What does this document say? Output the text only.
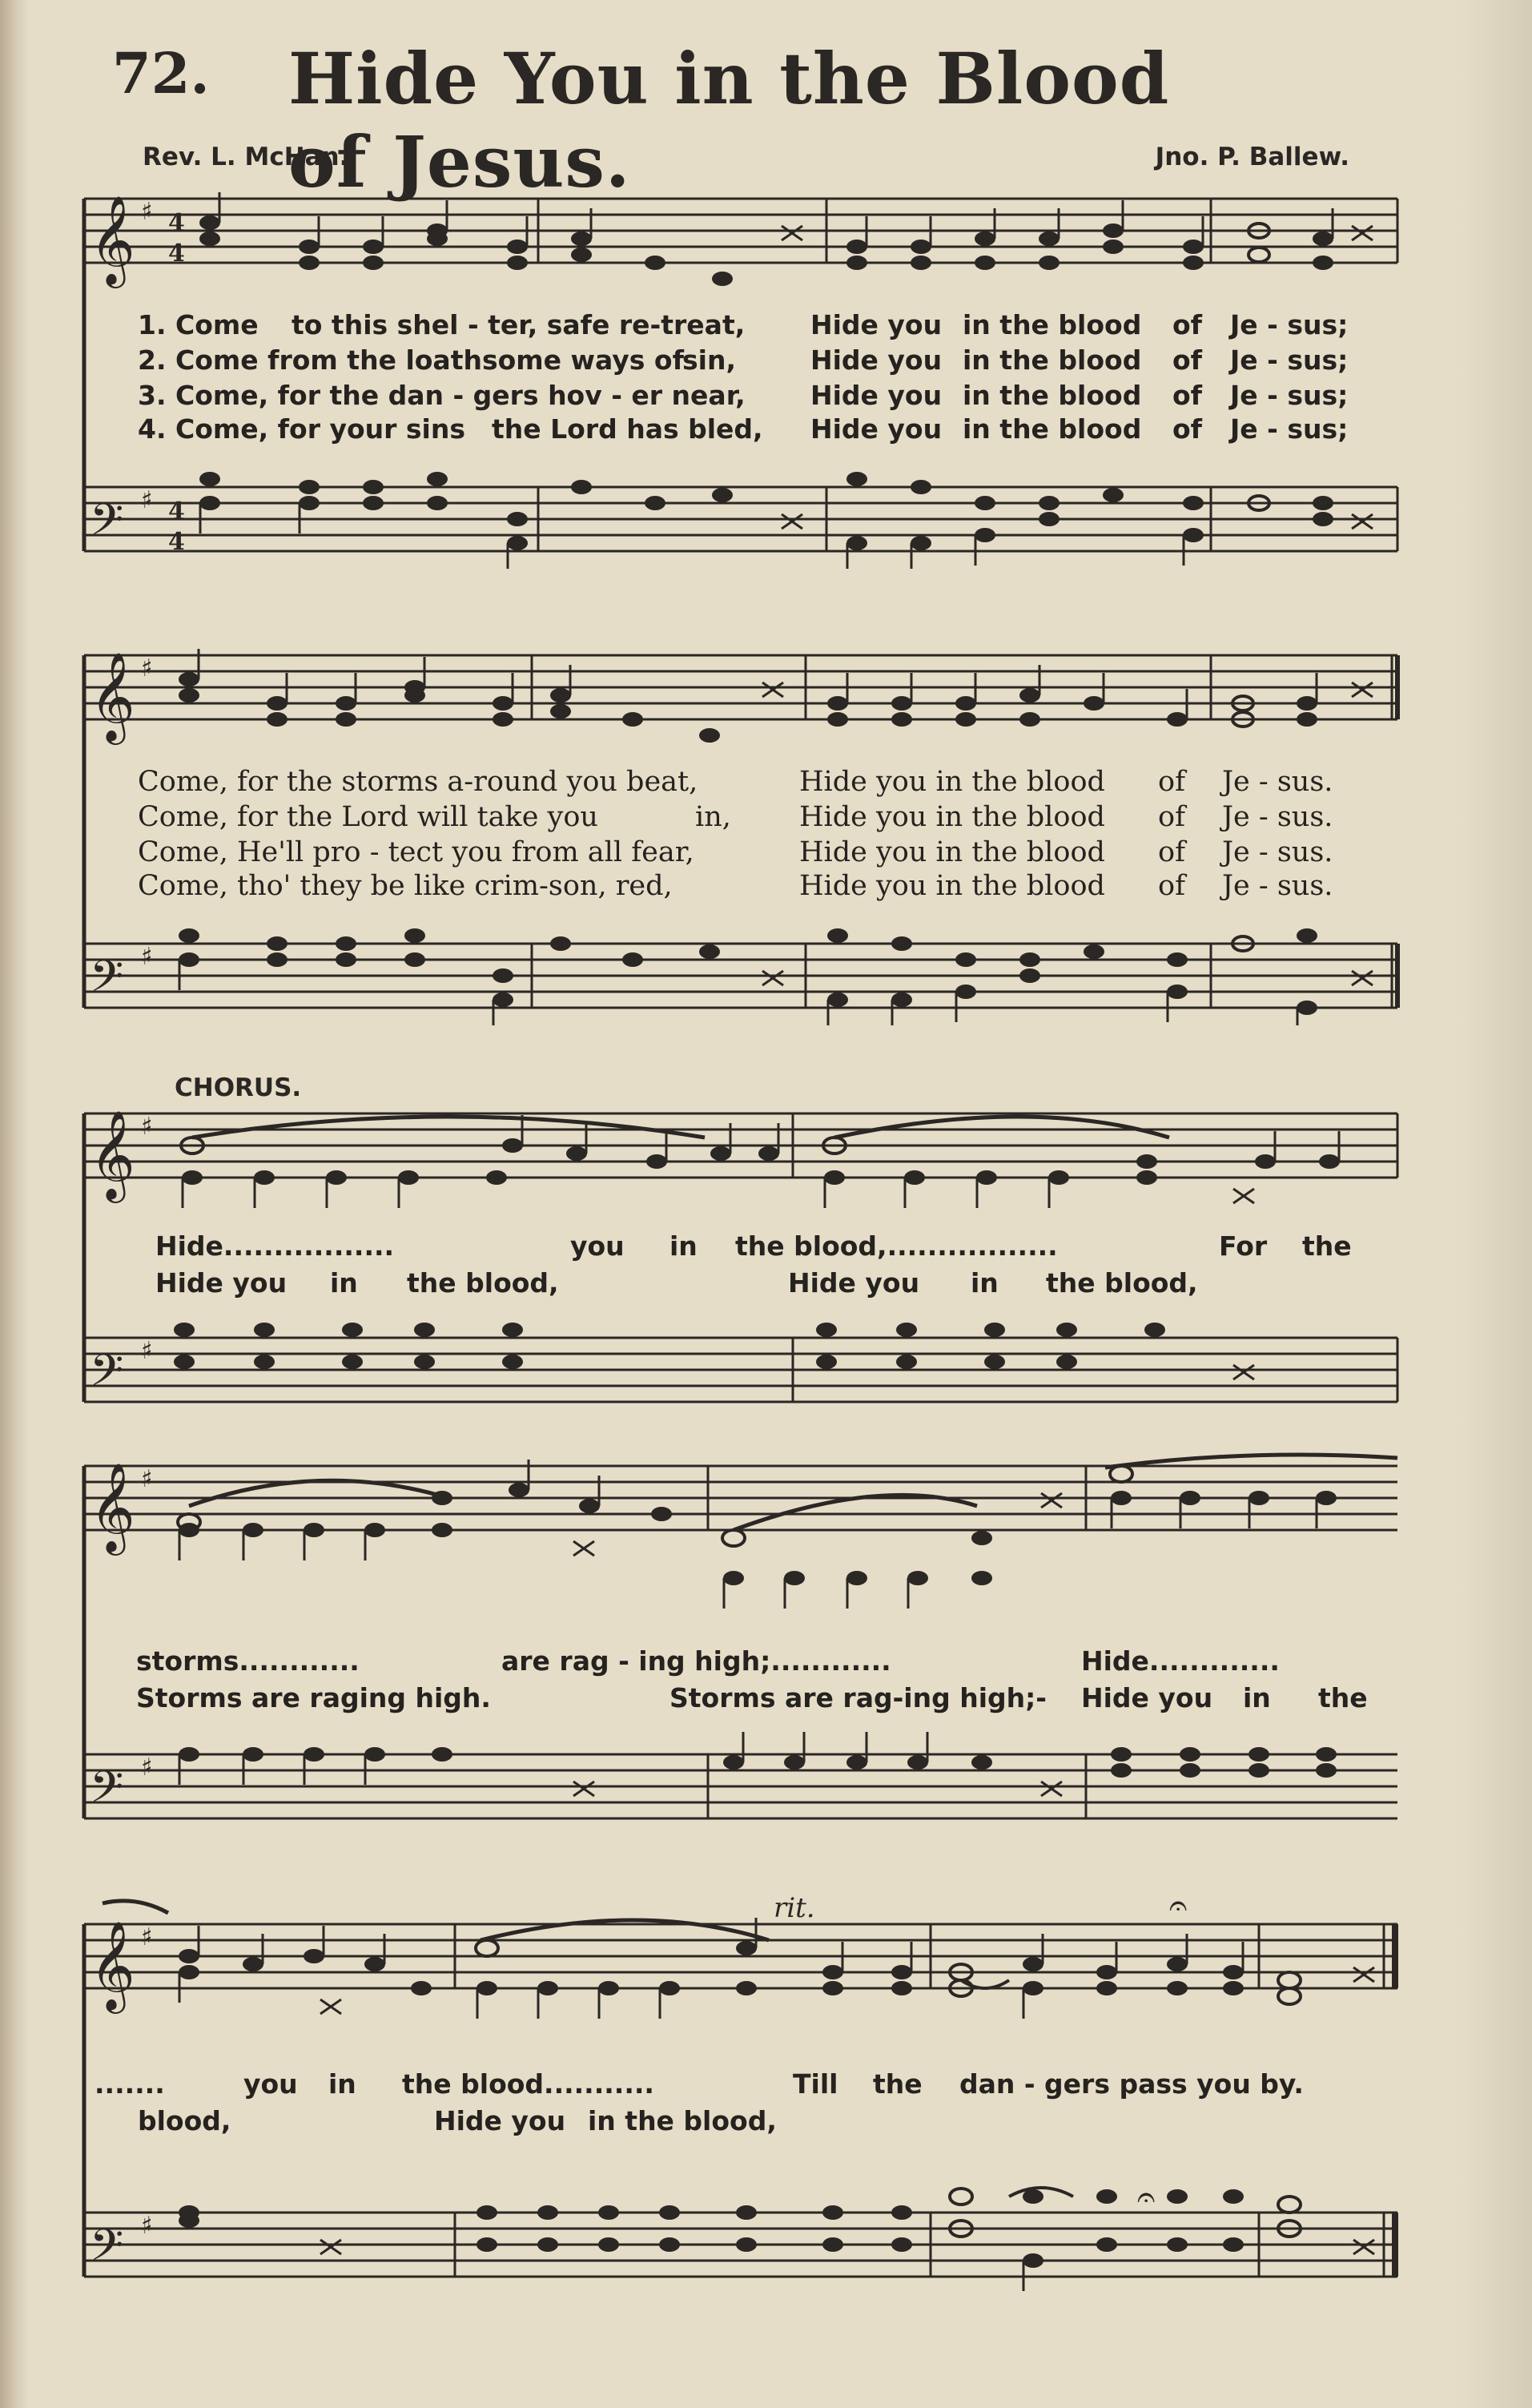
72. Hide You in the Blood of Jesus.
Rev. L. McHan.	Jno. P. Ballew.
𝄞
𝄢
♯
♯
4
4
4
4
1. Come to this shel - ter, safe re-treat, Hide you in the blood of Je - sus;
2. Come from the loathsome ways of
sin,	Hide you in the blood of Je - sus;
3. Come, for the dan - gers hov - er near, Hide you in the blood of Je - sus;
4. Come, for your sins the Lord has bled, Hide you in the blood of Je - sus;
𝄞
𝄢
♯
♯
Come, for the storms a-round you beat,	Hide you in the blood of Je - sus.
Come, for the Lord will take you	in, Hide you in the blood of Je - sus.
Come, He'll pro - tect you from all fear,	Hide you in the blood of Je - sus.
Come, tho' they be like crim-son, red,	Hide you in the blood of Je - sus.
CHORUS.
𝄞
𝄢
♯
♯
Hide.................	you in the blood,.................	For the
Hide you in the blood,	Hide you in the blood,
𝄞
𝄢
♯
♯
storms............	are rag - ing high;............	Hide.............
Storms are raging high.	Storms are rag-ing high;- Hide you in the
rit.
𝄞
𝄢
♯
♯
𝄐
𝄐
.......	you in the blood...........	Till the dan - gers pass you by.
blood,	Hide you in the blood,
